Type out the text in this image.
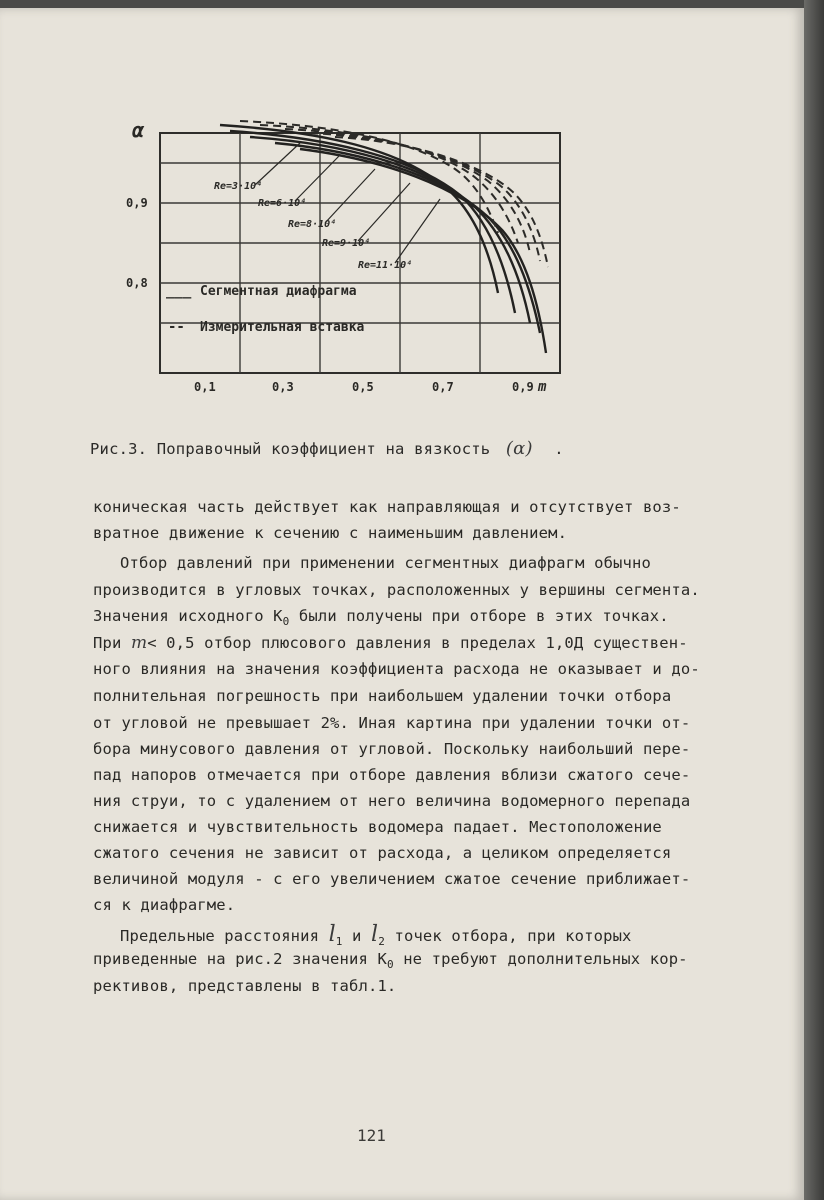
α
0,9
0,8
0,1	0,3	0,5	0,7	0,9 m
Re=3·10⁴
Re=6·10⁴
Re=8·10⁴
Re=9·10⁴
Re=11·10⁴
___ Сегментная диафрагма
-- Измерительная вставка
Рис.3. Поправочный коэффициент на вязкость (α) .
коническая часть действует как направляющая и отсутствует воз-
вратное движение к сечению с наименьшим давлением.
Отбор давлений при применении сегментных диафрагм обычно
производится в угловых точках, расположенных у вершины сегмента.
Значения исходного $К_0$ были получены при отборе в этих точках.
При m< 0,5 отбор плюсового давления в пределах 1,0Д существен-
ного влияния на значения коэффициента расхода не оказывает и до-
полнительная погрешность при наибольшем удалении точки отбора
от угловой не превышает 2%. Иная картина при удалении точки от-
бора минусового давления от угловой. Поскольку наибольший пере-
пад напоров отмечается при отборе давления вблизи сжатого сече-
ния струи, то с удалением от него величина водомерного перепада
снижается и чувствительность водомера падает. Местоположение
сжатого сечения не зависит от расхода, а целиком определяется
величиной модуля - с его увеличением сжатое сечение приближает-
ся к диафрагме.
Предельные расстояния $l_1$ и $l_2$ точек отбора, при которых
приведенные на рис.2 значения $К_0$ не требуют дополнительных кор-
рективов, представлены в табл.1.
121
